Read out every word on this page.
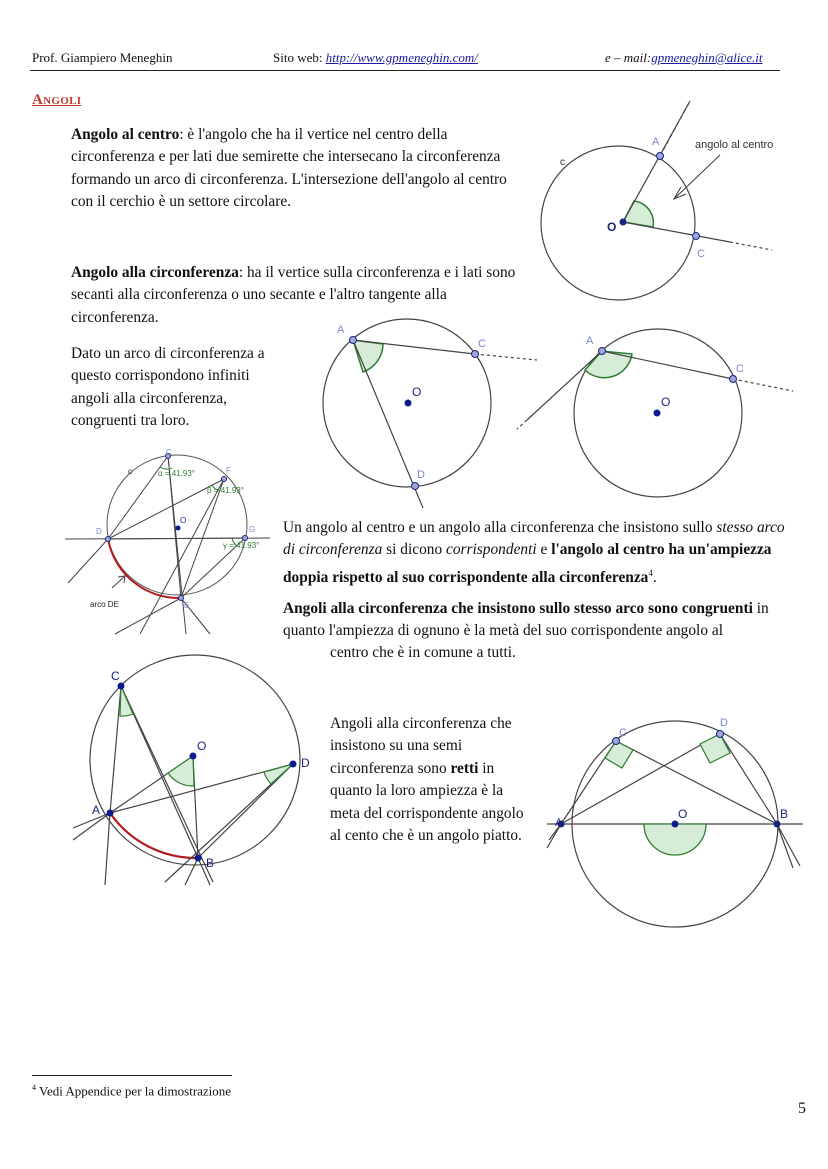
Prof. Giampiero Meneghin	Sito web: http://www.gpmeneghin.com/	e – mail:gpmeneghin@alice.it
Angoli

Angolo al centro: è l'angolo che ha il vertice nel centro della circonferenza e per lati due semirette che intersecano la circonferenza formando un arco di circonferenza. L'intersezione dell'angolo al centro con il cerchio è un settore circolare.

A
C
O
c
angolo al centro

Angolo alla circonferenza: ha il vertice sulla circonferenza e i lati sono secanti alla circonferenza o uno secante e l'altro tangente alla circonferenza.

Dato un arco di circonferenza a questo corrispondono infiniti angoli alla circonferenza, congruenti tra loro.

A
C
O
D
A
C
O
C
F
G
D
E
O
c	α = 41.93°
β = 41.93°
γ = 41.93°
arco DE

Un angolo al centro e un angolo alla circonferenza che insistono sullo stesso arco di circonferenza si dicono corrispondenti e l'angolo al centro ha un'ampiezza doppia rispetto al suo corrispondente alla circonferenza$^4$.

Angoli alla circonferenza che insistono sullo stesso arco sono congruenti in quanto l'ampiezza di ognuno è la metà del suo corrispondente angolo al

centro che è in comune a tutti.

C
O
D
A
B

Angoli alla circonferenza che insistono su una semi circonferenza sono retti in quanto la loro ampiezza è la meta del corrispondente angolo al cento che è un angolo piatto.

C
D
A
O	B
$^4$ Vedi Appendice per la dimostrazione
5
